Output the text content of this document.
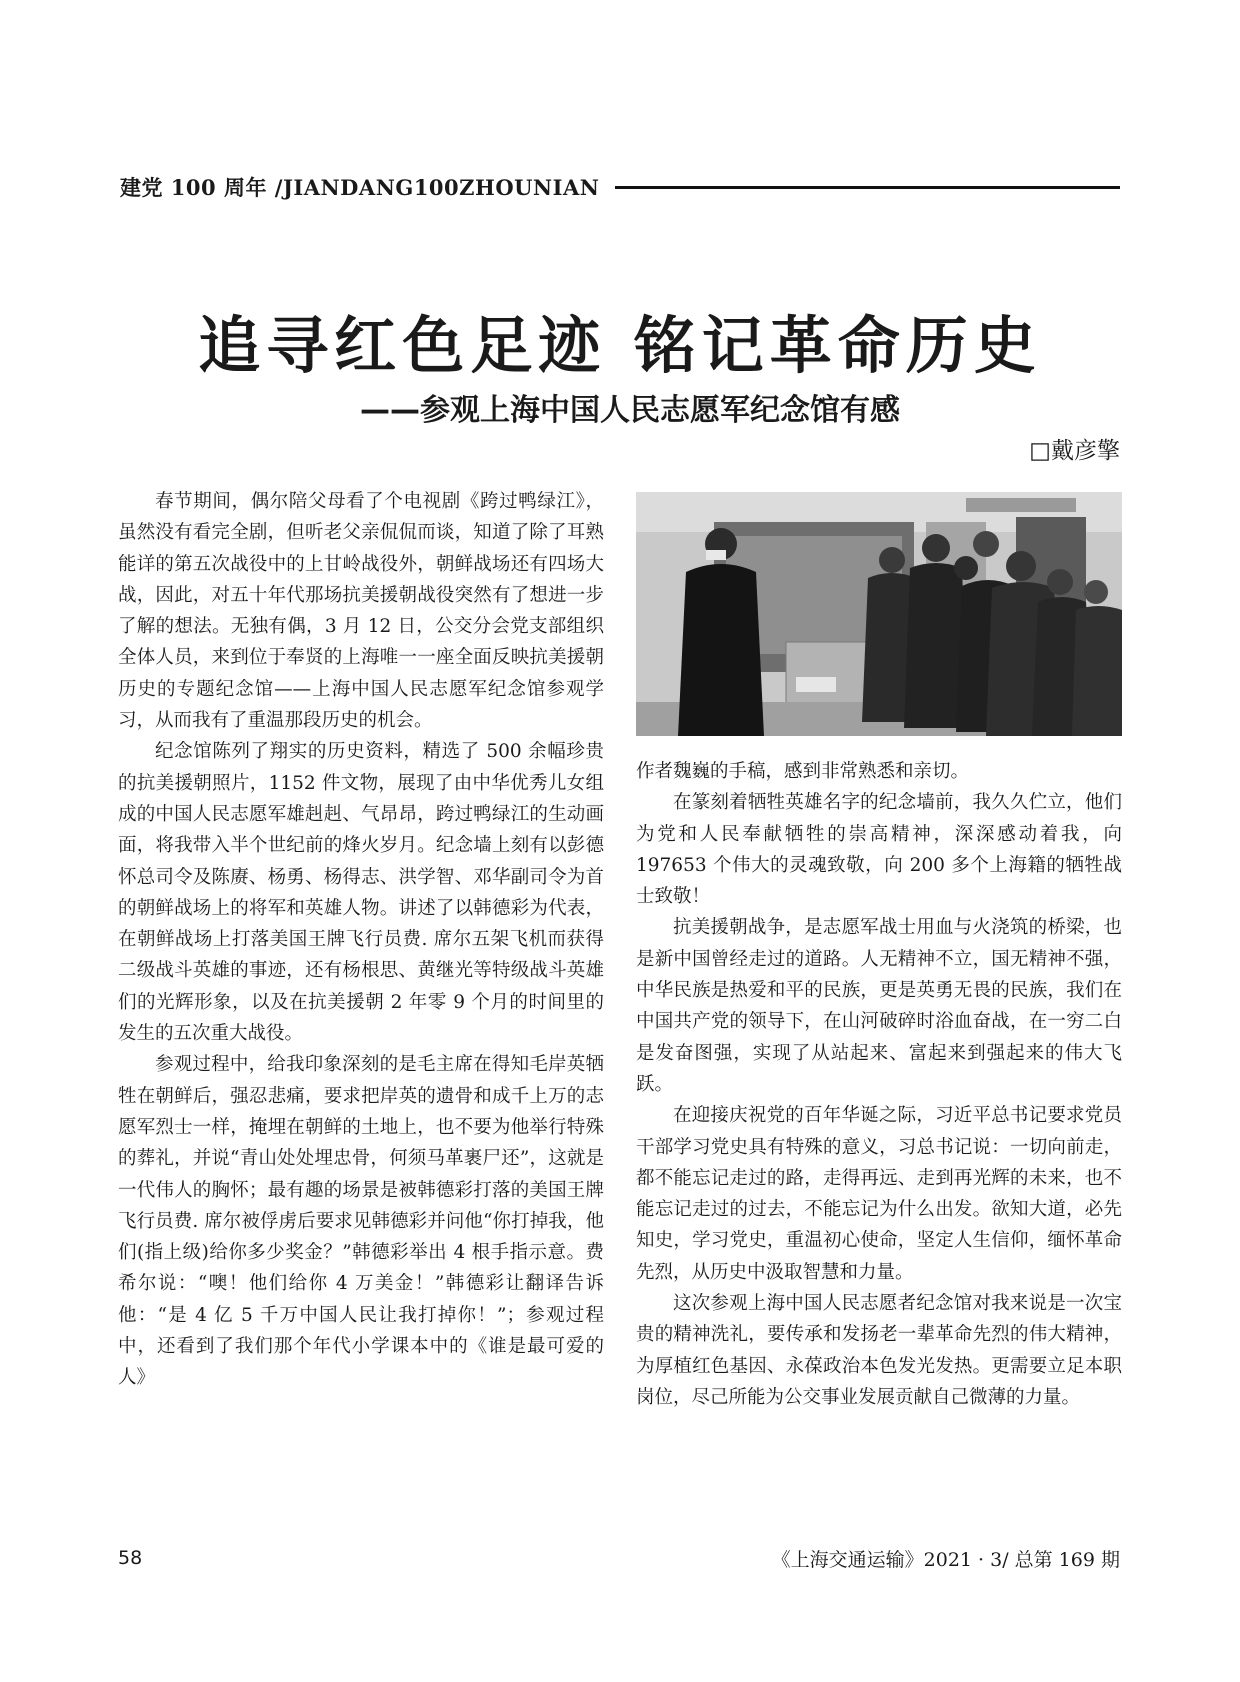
建党 100 周年 /JIANDANG100ZHOUNIAN
追寻红色足迹 铭记革命历史
——参观上海中国人民志愿军纪念馆有感
□戴彦擎

春节期间，偶尔陪父母看了个电视剧《跨过鸭绿江》，虽然没有看完全剧，但听老父亲侃侃而谈，知道了除了耳熟能详的第五次战役中的上甘岭战役外，朝鲜战场还有四场大战，因此，对五十年代那场抗美援朝战役突然有了想进一步了解的想法。无独有偶，3 月 12 日，公交分会党支部组织全体人员，来到位于奉贤的上海唯一一座全面反映抗美援朝历史的专题纪念馆——上海中国人民志愿军纪念馆参观学习，从而我有了重温那段历史的机会。

纪念馆陈列了翔实的历史资料，精选了 500 余幅珍贵的抗美援朝照片，1152 件文物，展现了由中华优秀儿女组成的中国人民志愿军雄赳赳、气昂昂，跨过鸭绿江的生动画面，将我带入半个世纪前的烽火岁月。纪念墙上刻有以彭德怀总司令及陈赓、杨勇、杨得志、洪学智、邓华副司令为首的朝鲜战场上的将军和英雄人物。讲述了以韩德彩为代表，在朝鲜战场上打落美国王牌飞行员费. 席尔五架飞机而获得二级战斗英雄的事迹，还有杨根思、黄继光等特级战斗英雄们的光辉形象，以及在抗美援朝 2 年零 9 个月的时间里的发生的五次重大战役。

参观过程中，给我印象深刻的是毛主席在得知毛岸英牺牲在朝鲜后，强忍悲痛，要求把岸英的遗骨和成千上万的志愿军烈士一样，掩埋在朝鲜的土地上，也不要为他举行特殊的葬礼，并说“青山处处埋忠骨，何须马革裹尸还”，这就是一代伟人的胸怀；最有趣的场景是被韩德彩打落的美国王牌飞行员费. 席尔被俘虏后要求见韩德彩并问他“你打掉我，他们(指上级)给你多少奖金？”韩德彩举出 4 根手指示意。费希尔说：“噢！他们给你 4 万美金！”韩德彩让翻译告诉他：“是 4 亿 5 千万中国人民让我打掉你！”；参观过程中，还看到了我们那个年代小学课本中的《谁是最可爱的人》

作者魏巍的手稿，感到非常熟悉和亲切。

在篆刻着牺牲英雄名字的纪念墙前，我久久伫立，他们为党和人民奉献牺牲的崇高精神，深深感动着我，向 197653 个伟大的灵魂致敬，向 200 多个上海籍的牺牲战士致敬！

抗美援朝战争，是志愿军战士用血与火浇筑的桥梁，也是新中国曾经走过的道路。人无精神不立，国无精神不强，中华民族是热爱和平的民族，更是英勇无畏的民族，我们在中国共产党的领导下，在山河破碎时浴血奋战，在一穷二白是发奋图强，实现了从站起来、富起来到强起来的伟大飞跃。

在迎接庆祝党的百年华诞之际，习近平总书记要求党员干部学习党史具有特殊的意义，习总书记说：一切向前走，都不能忘记走过的路，走得再远、走到再光辉的未来，也不能忘记走过的过去，不能忘记为什么出发。欲知大道，必先知史，学习党史，重温初心使命，坚定人生信仰，缅怀革命先烈，从历史中汲取智慧和力量。

这次参观上海中国人民志愿者纪念馆对我来说是一次宝贵的精神洗礼，要传承和发扬老一辈革命先烈的伟大精神，为厚植红色基因、永葆政治本色发光发热。更需要立足本职岗位，尽己所能为公交事业发展贡献自己微薄的力量。

58	《上海交通运输》2021 · 3/ 总第 169 期
